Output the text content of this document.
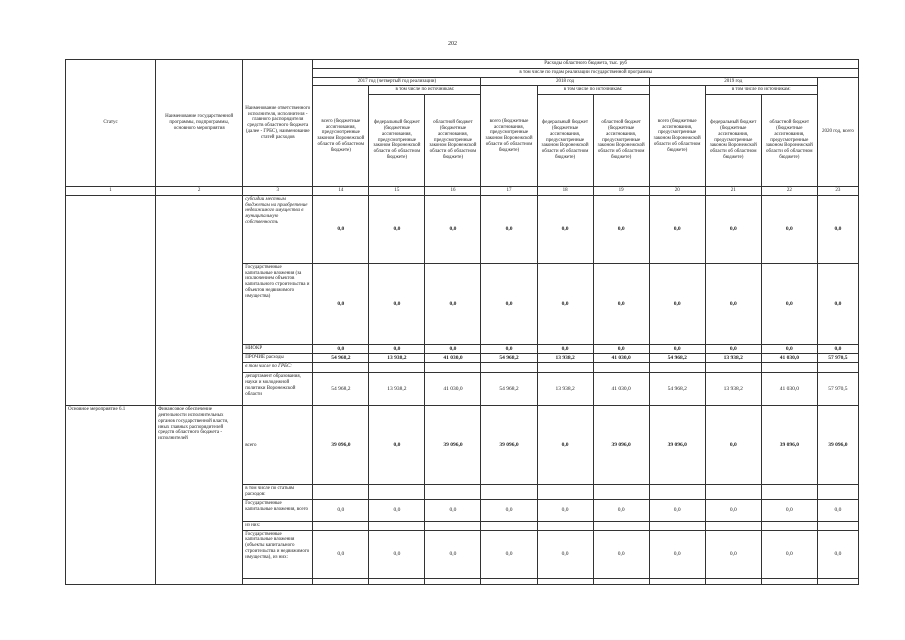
202
Статус	Наименование государственной программы, подпрограммы, основного мероприятия	Наименование ответственного исполнителя, исполнителя - главного распорядителя средств областного бюджета (далее - ГРБС), наименование статей расходов	Расходы областного бюджета, тыс. руб									
			в том числе по годам реализации государственной программы									
			2017 год (четвертый год реализации)			2018 год			2019 год			2020 год, всего
			всего (бюджетные ассигнования, предусмотренные законом Воронежской области об областном бюджете)	в том числе по источникам:		всего (бюджетные ассигнования, предусмотренные законом Воронежской области об областном бюджете)	в том числе по источникам:		всего (бюджетные ассигнования, предусмотренные законом Воронежской области об областном бюджете)	в том числе по источникам:		
				федеральный бюджет (бюджетные ассигнования, предусмотренные законом Воронежской области об областном бюджете)	областной бюджет (бюджетные ассигнования, предусмотренные законом Воронежской области об областном бюджете)		федеральный бюджет (бюджетные ассигнования, предусмотренные законом Воронежской области об областном бюджете)	областной бюджет (бюджетные ассигнования, предусмотренные законом Воронежской области об областном бюджете)		федеральный бюджет (бюджетные ассигнования, предусмотренные законом Воронежской области об областном бюджете)	областной бюджет (бюджетные ассигнования, предусмотренные законом Воронежской области об областном бюджете)	
1	2	3	14	15	16	17	18	19	20	21	22	23
		субсидии местным бюджетам на приобретение недвижимого имущества в муниципальную собственность	0,0	0,0	0,0	0,0	0,0	0,0	0,0	0,0	0,0	0,0
		Государственные капитальные вложения (за исключением объектов капитального строительства и объектов недвижимого имущества)	0,0	0,0	0,0	0,0	0,0	0,0	0,0	0,0	0,0	0,0
		НИОКР	0,0	0,0	0,0	0,0	0,0	0,0	0,0	0,0	0,0	0,0
		ПРОЧИЕ расходы	54 968,2	13 938,2	41 030,0	54 968,2	13 938,2	41 030,0	54 968,2	13 938,2	41 030,0	57 970,5
		в том числе по ГРБС:										
		департамент образования, науки и молодежной политики Воронежской области	54 968,2	13 938,2	41 030,0	54 968,2	13 938,2	41 030,0	54 968,2	13 938,2	41 030,0	57 970,5
Основное мероприятие 6.1	Финансовое обеспечение деятельности исполнительных органов государственной власти, иных главных распорядителей средств областного бюджета - исполнителей	всего	39 096,0	0,0	39 096,0	39 096,0	0,0	39 096,0	39 096,0	0,0	39 096,0	39 096,0
		в том числе по статьям расходов:										
		Государственные капитальные вложения, всего	0,0	0,0	0,0	0,0	0,0	0,0	0,0	0,0	0,0	0,0
		из них:										
		Государственные капитальные вложения (объекты капитального строительства и недвижимого имущества), из них:	0,0	0,0	0,0	0,0	0,0	0,0	0,0	0,0	0,0	0,0
